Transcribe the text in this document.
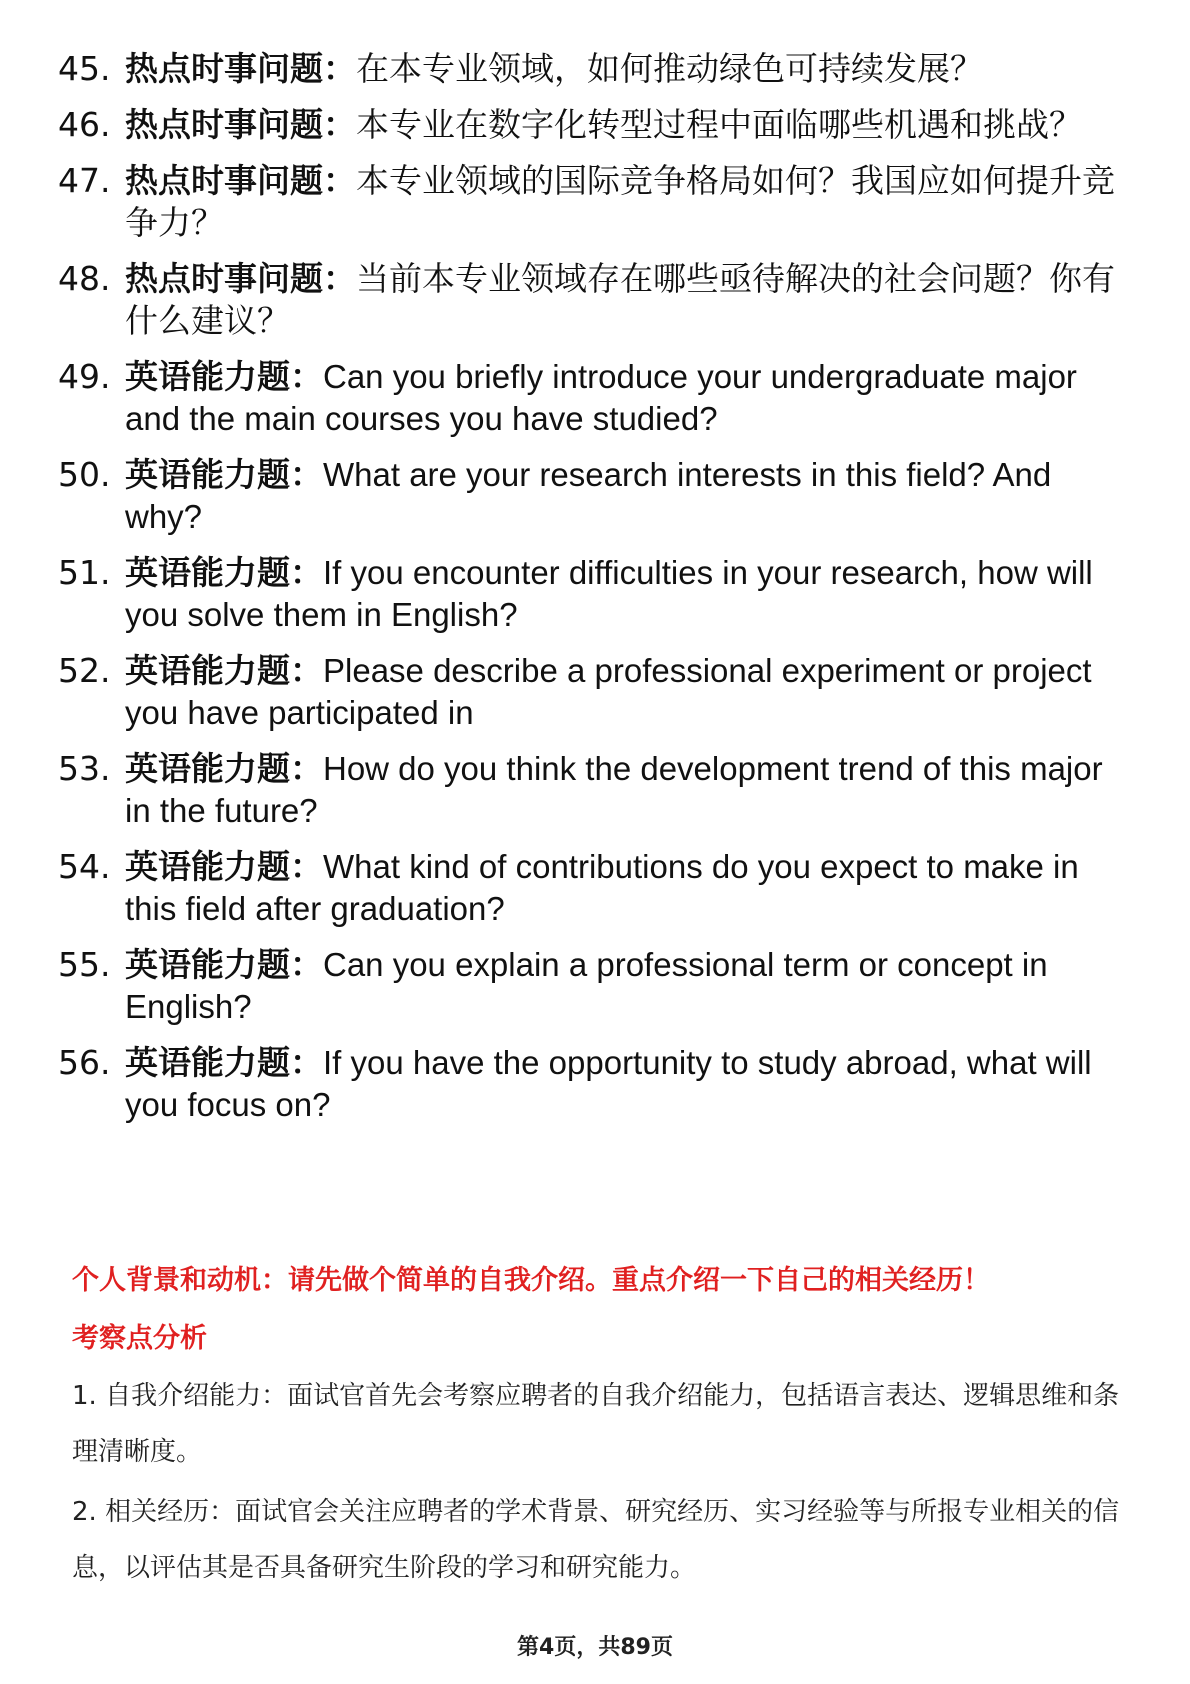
45. 热点时事问题：在本专业领域，如何推动绿色可持续发展？
46. 热点时事问题：本专业在数字化转型过程中面临哪些机遇和挑战？
47. 热点时事问题：本专业领域的国际竞争格局如何？我国应如何提升竞争力？
48. 热点时事问题：当前本专业领域存在哪些亟待解决的社会问题？你有什么建议？
49. 英语能力题：Can you briefly introduce your undergraduate major and the main courses you have studied?
50. 英语能力题：What are your research interests in this field? And why?
51. 英语能力题：If you encounter difficulties in your research, how will you solve them in English?
52. 英语能力题：Please describe a professional experiment or project you have participated in
53. 英语能力题：How do you think the development trend of this major in the future?
54. 英语能力题：What kind of contributions do you expect to make in this field after graduation?
55. 英语能力题：Can you explain a professional term or concept in English?
56. 英语能力题：If you have the opportunity to study abroad, what will you focus on?
个人背景和动机：请先做个简单的自我介绍。重点介绍一下自己的相关经历！
考察点分析
1. 自我介绍能力：面试官首先会考察应聘者的自我介绍能力，包括语言表达、逻辑思维和条理清晰度。
2. 相关经历：面试官会关注应聘者的学术背景、研究经历、实习经验等与所报专业相关的信息，以评估其是否具备研究生阶段的学习和研究能力。
第4页，共89页
